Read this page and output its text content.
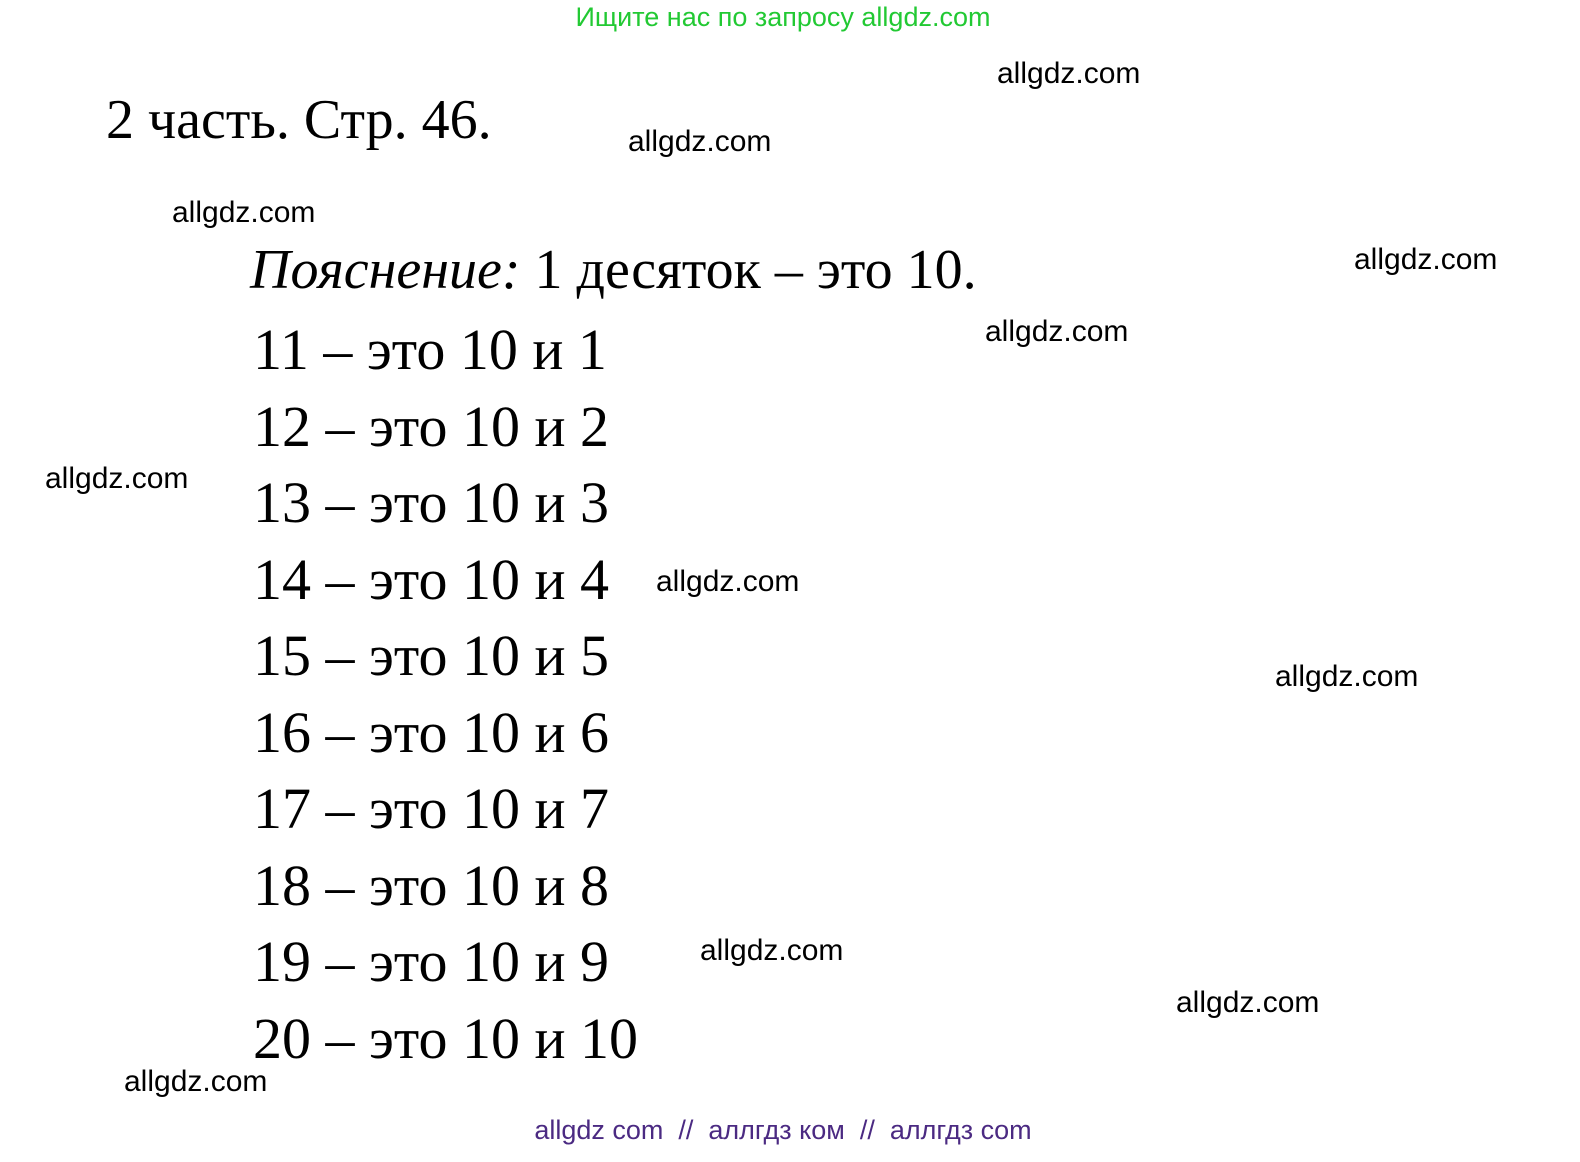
Ищите нас по запросу allgdz.com
2 часть. Стр. 46.
Пояснение: 1 десяток – это 10.
11 – это 10 и 1
12 – это 10 и 2
13 – это 10 и 3
14 – это 10 и 4
15 – это 10 и 5
16 – это 10 и 6
17 – это 10 и 7
18 – это 10 и 8
19 – это 10 и 9
20 – это 10 и 10
allgdz.com
allgdz.com
allgdz.com
allgdz.com
allgdz.com
allgdz.com
allgdz.com
allgdz.com
allgdz.com
allgdz.com
allgdz.com
allgdz com  //  аллгдз ком  //  аллгдз com
